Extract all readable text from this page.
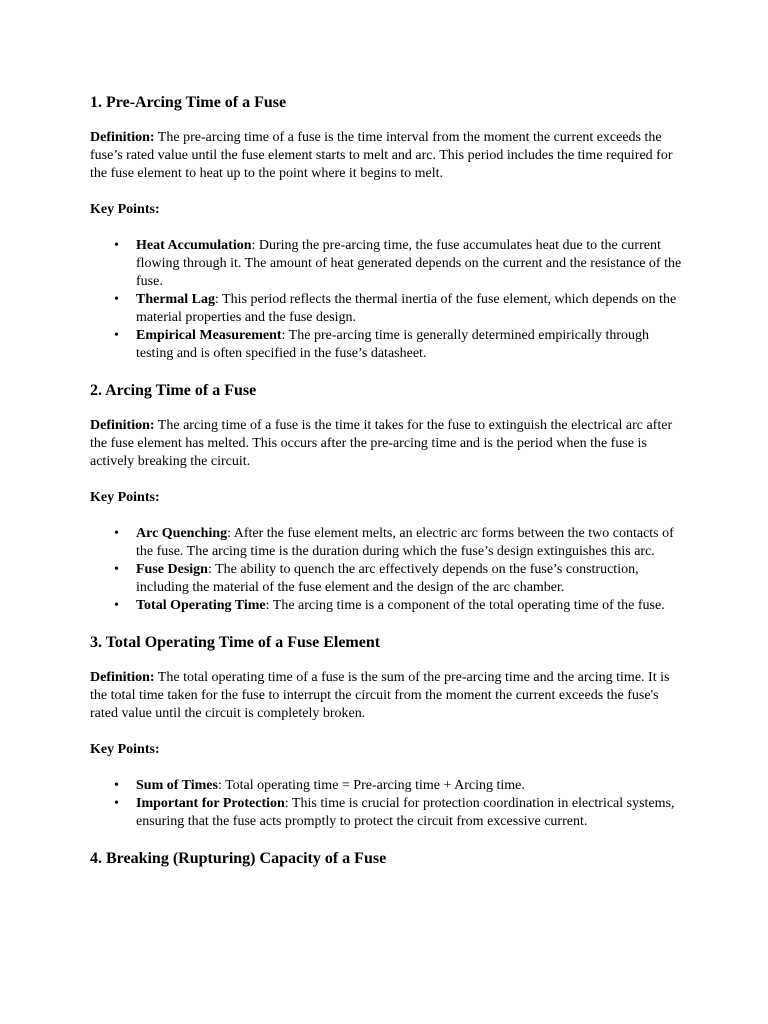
1. Pre-Arcing Time of a Fuse
Definition: The pre-arcing time of a fuse is the time interval from the moment the current exceeds the fuse’s rated value until the fuse element starts to melt and arc. This period includes the time required for the fuse element to heat up to the point where it begins to melt.
Key Points:
• Heat Accumulation: During the pre-arcing time, the fuse accumulates heat due to the current flowing through it. The amount of heat generated depends on the current and the resistance of the fuse.
• Thermal Lag: This period reflects the thermal inertia of the fuse element, which depends on the material properties and the fuse design.
• Empirical Measurement: The pre-arcing time is generally determined empirically through testing and is often specified in the fuse’s datasheet.
2. Arcing Time of a Fuse
Definition: The arcing time of a fuse is the time it takes for the fuse to extinguish the electrical arc after the fuse element has melted. This occurs after the pre-arcing time and is the period when the fuse is actively breaking the circuit.
Key Points:
• Arc Quenching: After the fuse element melts, an electric arc forms between the two contacts of the fuse. The arcing time is the duration during which the fuse’s design extinguishes this arc.
• Fuse Design: The ability to quench the arc effectively depends on the fuse’s construction, including the material of the fuse element and the design of the arc chamber.
• Total Operating Time: The arcing time is a component of the total operating time of the fuse.
3. Total Operating Time of a Fuse Element
Definition: The total operating time of a fuse is the sum of the pre-arcing time and the arcing time. It is the total time taken for the fuse to interrupt the circuit from the moment the current exceeds the fuse's rated value until the circuit is completely broken.
Key Points:
• Sum of Times: Total operating time = Pre-arcing time + Arcing time.
• Important for Protection: This time is crucial for protection coordination in electrical systems, ensuring that the fuse acts promptly to protect the circuit from excessive current.
4. Breaking (Rupturing) Capacity of a Fuse
